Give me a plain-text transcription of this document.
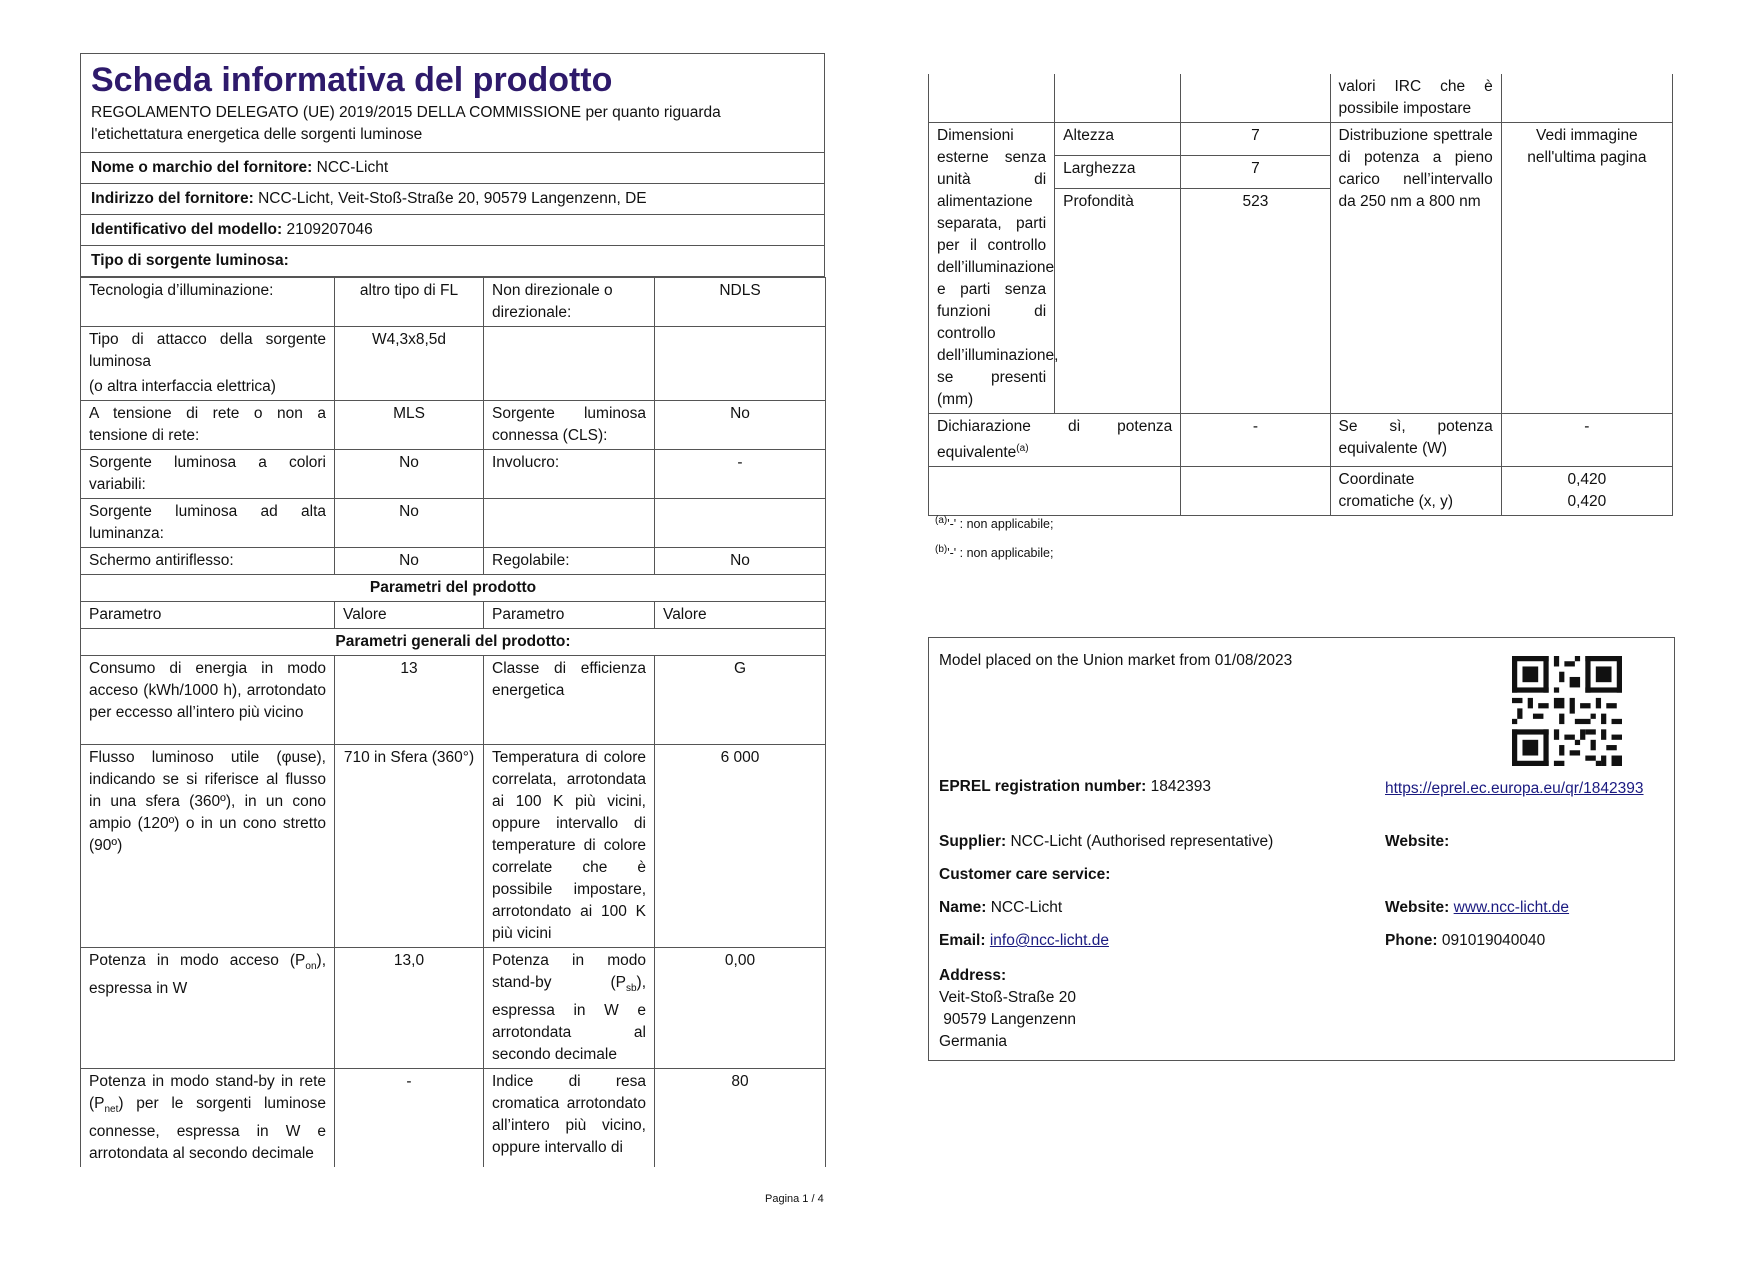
Scheda informativa del prodotto
REGOLAMENTO DELEGATO (UE) 2019/2015 DELLA COMMISSIONE per quanto riguarda l'etichettatura energetica delle sorgenti luminose

Nome o marchio del fornitore: NCC-Licht
Indirizzo del fornitore: NCC-Licht, Veit-Stoß-Straße 20, 90579 Langenzenn, DE
Identificativo del modello: 2109207046
Tipo di sorgente luminosa:
Tecnologia d’illuminazione:	altro tipo di FL	Non direzionale o direzionale:	NDLS

Tipo di attacco della sorgente luminosa
(o altra interfaccia elettrica)	W4,3x8,5d		
A tensione di rete o non a tensione di rete:	MLS	Sorgente luminosa connessa (CLS):	No
Sorgente luminosa a colori variabili:	No	Involucro:	-
Sorgente luminosa ad alta luminanza:	No		
Schermo antiriflesso:	No	Regolabile:	No
Parametri del prodotto			
Parametro	Valore	Parametro	Valore
Parametri generali del prodotto:			
Consumo di energia in modo acceso (kWh/1000 h), arrotondato per eccesso all’intero più vicino	13	Classe di efficienza energetica	G
Flusso luminoso utile (φuse), indicando se si riferisce al flusso in una sfera (360º), in un cono ampio (120º) o in un cono stretto (90º)	710 in Sfera (360°)	Temperatura di colore correlata, arrotondata ai 100 K più vicini, oppure intervallo di temperature di colore correlate che è possibile impostare, arrotondato ai 100 K più vicini	6 000
Potenza in modo acceso $(P_{on})$, espressa in W	13,0	Potenza in modo stand-by $(P_{sb})$, espressa in W e arrotondata al secondo decimale	0,00
Potenza in modo stand-by in rete $(P_{net})$ per le sorgenti luminose connesse, espressa in W e arrotondata al secondo decimale	-	Indice di resa cromatica arrotondato all’intero più vicino, oppure intervallo di	80
			valori IRC che è possibile impostare	
Dimensioni esterne senza unità di alimentazione separata, parti per il controllo dell’illuminazione e parti senza funzioni di controllo dell’illuminazione, se presenti (mm)	Altezza	7	Distribuzione spettrale di potenza a pieno carico nell’intervallo da 250 nm a 800 nm	Vedi immagine nell'ultima pagina
	Larghezza	7		
	Profondità	523		
Dichiarazione di potenza equivalente$^{(a)}$		-	Se sì, potenza equivalente (W)	-
			Coordinate cromatiche (x, y)	0,420
0,420
$^{(a)}$'-' : non applicabile;
$^{(b)}$'-' : non applicabile;
Model placed on the Union market from 01/08/2023
EPREL registration number: 1842393	https://eprel.ec.europa.eu/qr/1842393
Supplier: NCC-Licht (Authorised representative)	Website:
Customer care service:
Name: NCC-Licht	Website: www.ncc-licht.de
Email: info@ncc-licht.de	Phone: 091019040040
Address:
Veit-Stoß-Straße 20
90579 Langenzenn
Germania
Pagina 1 / 4
